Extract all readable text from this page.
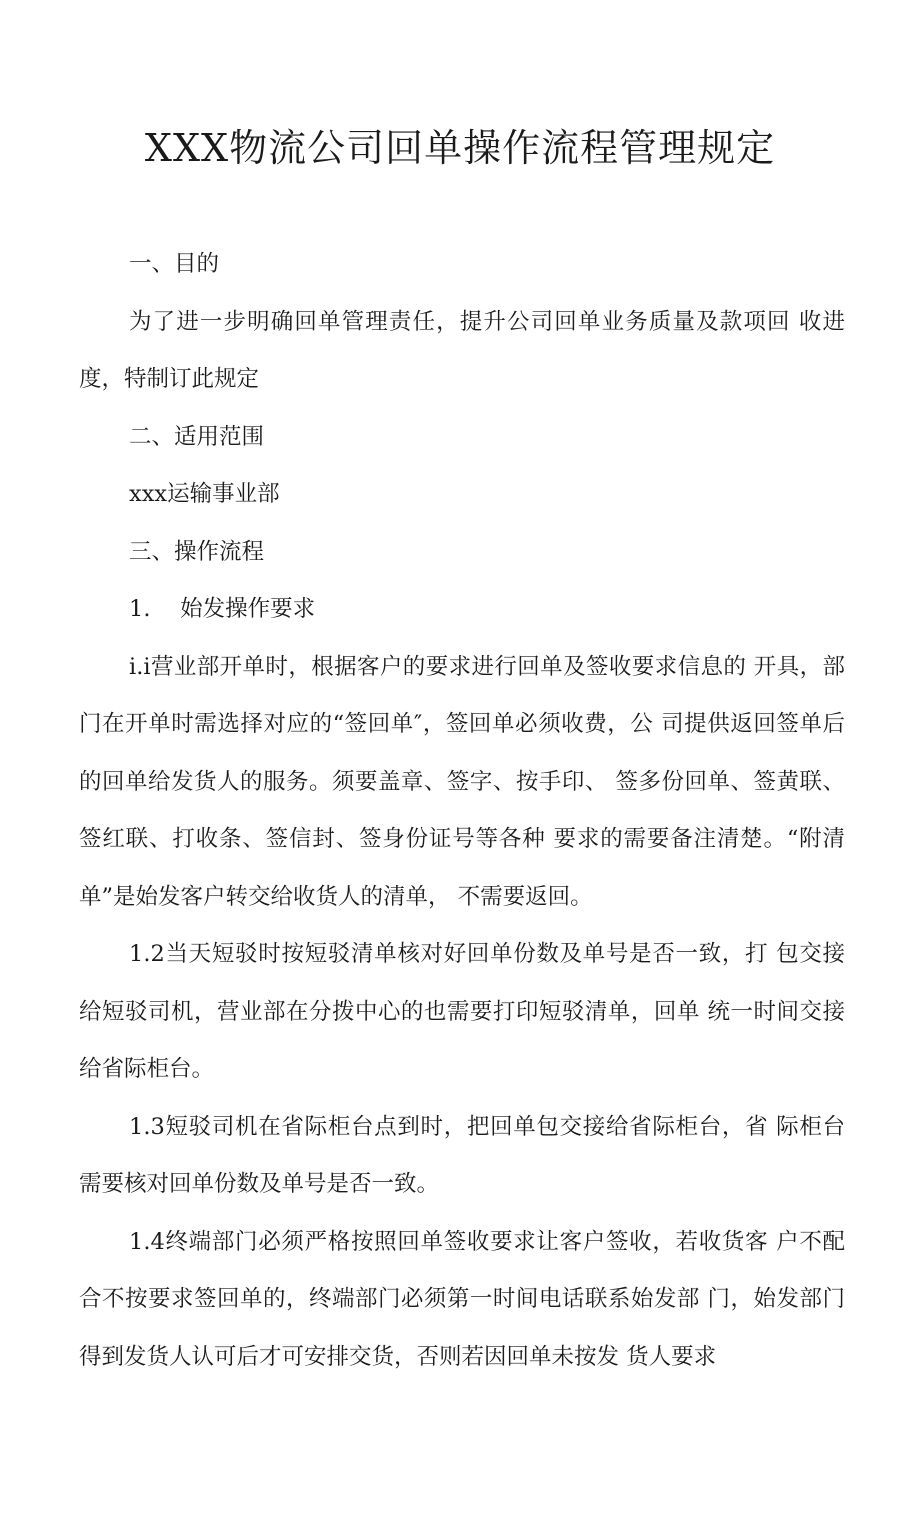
XXX物流公司回单操作流程管理规定

一、目的

为了进一步明确回单管理责任，提升公司回单业务质量及款项回 收进度，特制订此规定

二、适用范围

xxx运输事业部

三、操作流程

1.　 始发操作要求

i.i营业部开单时，根据客户的要求进行回单及签收要求信息的 开具，部门在开单时需选择对应的“签回单″，签回单必须收费，公 司提供返回签单后的回单给发货人的服务。须要盖章、签字、按手印、 签多份回单、签黄联、签红联、打收条、签信封、签身份证号等各种 要求的需要备注清楚。“附清单”是始发客户转交给收货人的清单， 不需要返回。

1.2当天短驳时按短驳清单核对好回单份数及单号是否一致，打 包交接给短驳司机，营业部在分拨中心的也需要打印短驳清单，回单 统一时间交接给省际柜台。

1.3短驳司机在省际柜台点到时，把回单包交接给省际柜台，省 际柜台需要核对回单份数及单号是否一致。

1.4终端部门必须严格按照回单签收要求让客户签收，若收货客 户不配合不按要求签回单的，终端部门必须第一时间电话联系始发部 门，始发部门得到发货人认可后才可安排交货，否则若因回单未按发 货人要求
